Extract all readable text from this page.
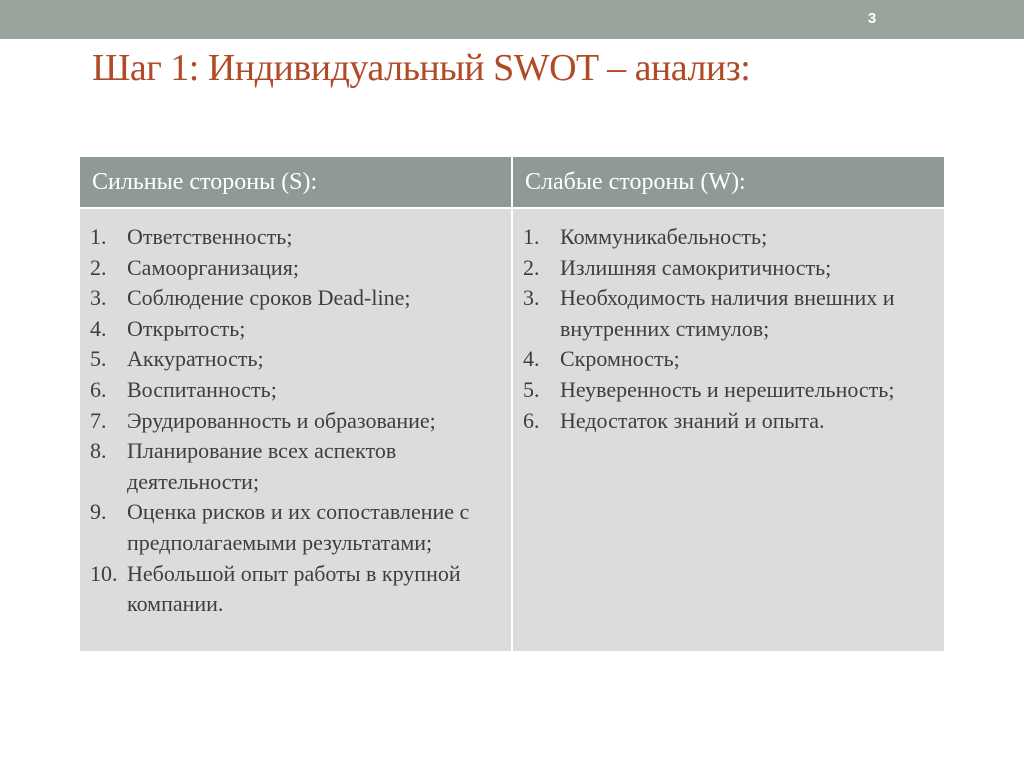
3
Шаг 1: Индивидуальный SWOT – анализ:
Сильные стороны (S):	Слабые стороны (W):
1. Ответственность;
2. Самоорганизация;
3. Соблюдение сроков Dead-line;
4. Открытость;
5. Аккуратность;
6. Воспитанность;
7. Эрудированность и образование;
8. Планирование всех аспектов деятельности;
9. Оценка рисков и их сопоставление с предполагаемыми результатами;
10. Небольшой опыт работы в крупной компании.
1. Коммуникабельность;
2. Излишняя самокритичность;
3. Необходимость наличия внешних и внутренних стимулов;
4. Скромность;
5. Неуверенность и нерешительность;
6. Недостаток знаний и опыта.
